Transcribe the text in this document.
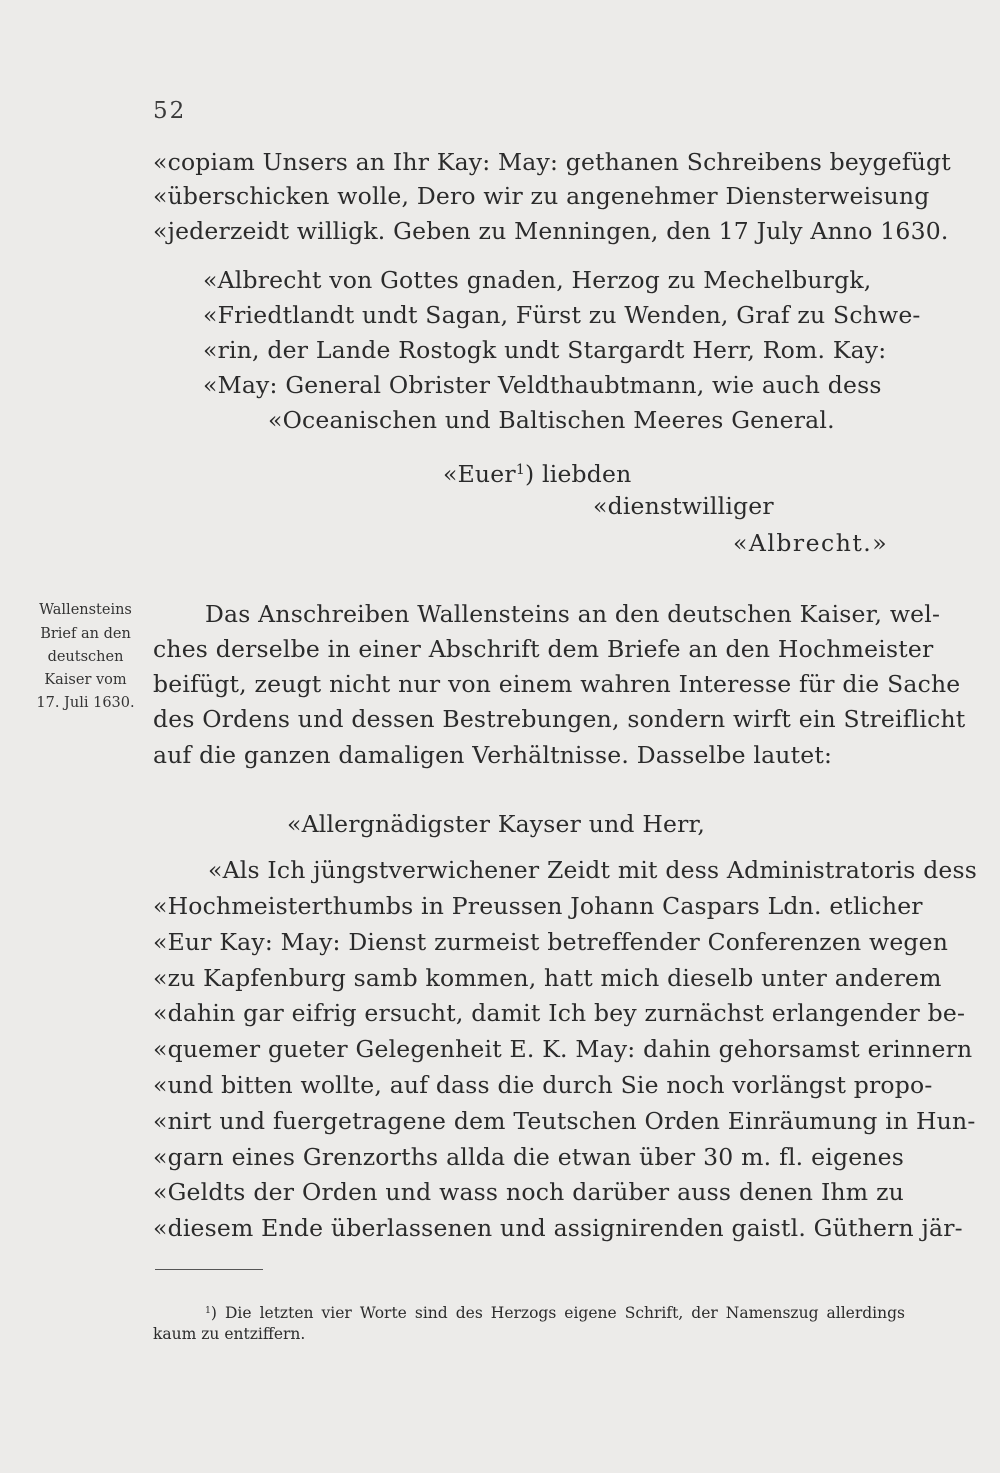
52
«copiam Unsers an Ihr Kay: May: gethanen Schreibens beygefügt
«überschicken wolle, Dero wir zu angenehmer Diensterweisung
«jederzeidt willigk. Geben zu Menningen, den 17 July Anno 1630.
«Albrecht von Gottes gnaden, Herzog zu Mechelburgk,
«Friedtlandt undt Sagan, Fürst zu Wenden, Graf zu Schwe-
«rin, der Lande Rostogk undt Stargardt Herr, Rom. Kay:
«May: General Obrister Veldthaubtmann, wie auch dess
«Oceanischen und Baltischen Meeres General.
«Euer$^1$) liebden
«dienstwilliger
«Albrecht.»
Wallensteins
Brief an den
deutschen
Kaiser vom
17. Juli 1630.
Das Anschreiben Wallensteins an den deutschen Kaiser, wel-
ches derselbe in einer Abschrift dem Briefe an den Hochmeister
beifügt, zeugt nicht nur von einem wahren Interesse für die Sache
des Ordens und dessen Bestrebungen, sondern wirft ein Streiflicht
auf die ganzen damaligen Verhältnisse. Dasselbe lautet:
«Allergnädigster Kayser und Herr,
«Als Ich jüngstverwichener Zeidt mit dess Administratoris dess
«Hochmeisterthumbs in Preussen Johann Caspars Ldn. etlicher
«Eur Kay: May: Dienst zurmeist betreffender Conferenzen wegen
«zu Kapfenburg samb kommen, hatt mich dieselb unter anderem
«dahin gar eifrig ersucht, damit Ich bey zurnächst erlangender be-
«quemer gueter Gelegenheit E. K. May: dahin gehorsamst erinnern
«und bitten wollte, auf dass die durch Sie noch vorlängst propo-
«nirt und fuergetragene dem Teutschen Orden Einräumung in Hun-
«garn eines Grenzorths allda die etwan über 30 m. fl. eigenes
«Geldts der Orden und wass noch darüber auss denen Ihm zu
«diesem Ende überlassenen und assignirenden gaistl. Güthern jär-
$^1$) Die letzten vier Worte sind des Herzogs eigene Schrift, der Namenszug allerdings
kaum zu entziffern.
